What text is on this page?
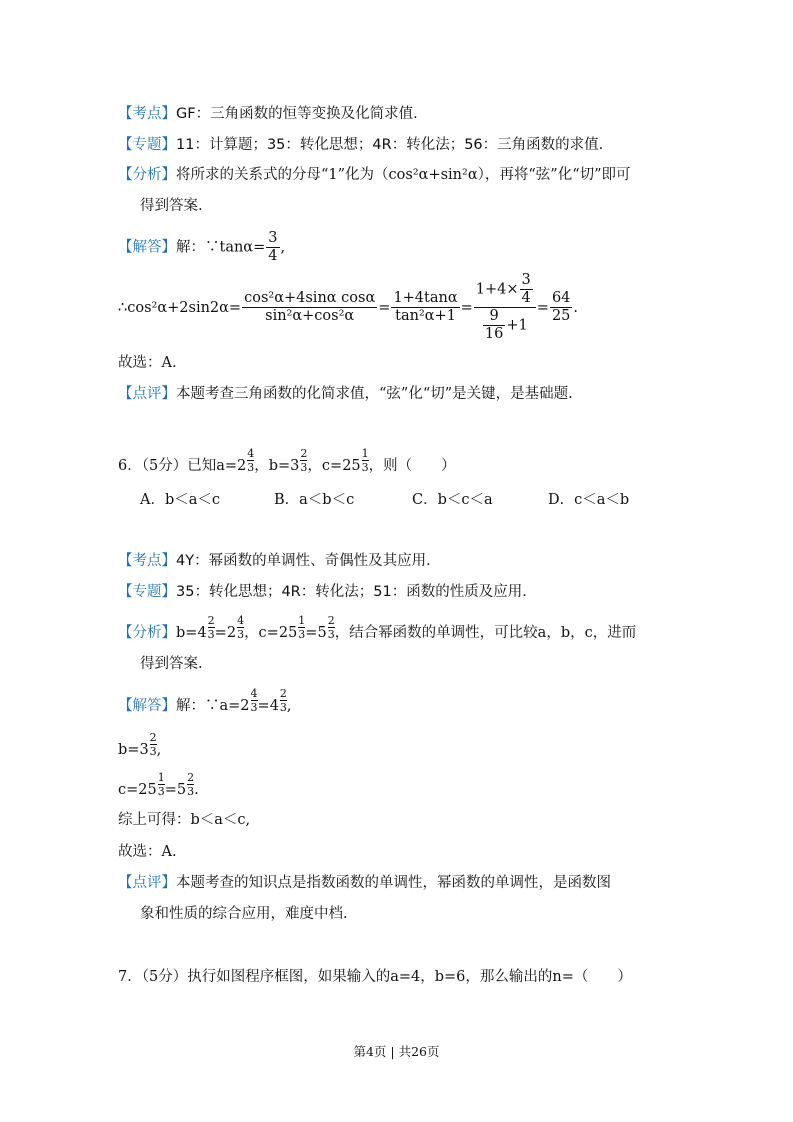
【考点】GF：三角函数的恒等变换及化简求值.
【专题】11：计算题；35：转化思想；4R：转化法；56：三角函数的求值.
【分析】将所求的关系式的分母“1”化为（cos²α+sin²α），再将“弦”化“切”即可
得到答案.
【解答】解：∵tanα= $\frac{3}{4}$ ,
∴cos²α+2sin2α= $\frac{\text{cos²α+4sinα cosα}}{\text{sin²α+cos²α}} = \frac{1+4\tan\alpha}{\text{tan²α+1}} = \frac{1+4\times \frac{3}{4}}{\frac{9}{16} +1} = \frac{64}{25}$ .
故选：A.
【点评】本题考查三角函数的化简求值，“弦”化“切”是关键，是基础题.
6．（5分）已知a= 2
4
3 ，b= 3
2
3 ，c= 25
1
3 ，则（　　）
A．b＜a＜c	B．a＜b＜c	C．b＜c＜a	D．c＜a＜b
【考点】4Y：幂函数的单调性、奇偶性及其应用.
【专题】35：转化思想；4R：转化法；51：函数的性质及应用.
【分析】b= 4
2
3 = 2
4
3 ，c= 25
1
3 = 5
2
3 ，结合幂函数的单调性，可比较a，b，c，进而
得到答案.
【解答】解：∵a= 2
4
3 = 4
2
3 ,
b= 3
2
3 ,
c= 25
1
3 = 5
2
3 .
综上可得：b＜a＜c,
故选：A.
【点评】本题考查的知识点是指数函数的单调性，幂函数的单调性，是函数图
象和性质的综合应用，难度中档.
7．（5分）执行如图程序框图，如果输入的a=4，b=6，那么输出的n=（　　）
第4页 | 共26页
